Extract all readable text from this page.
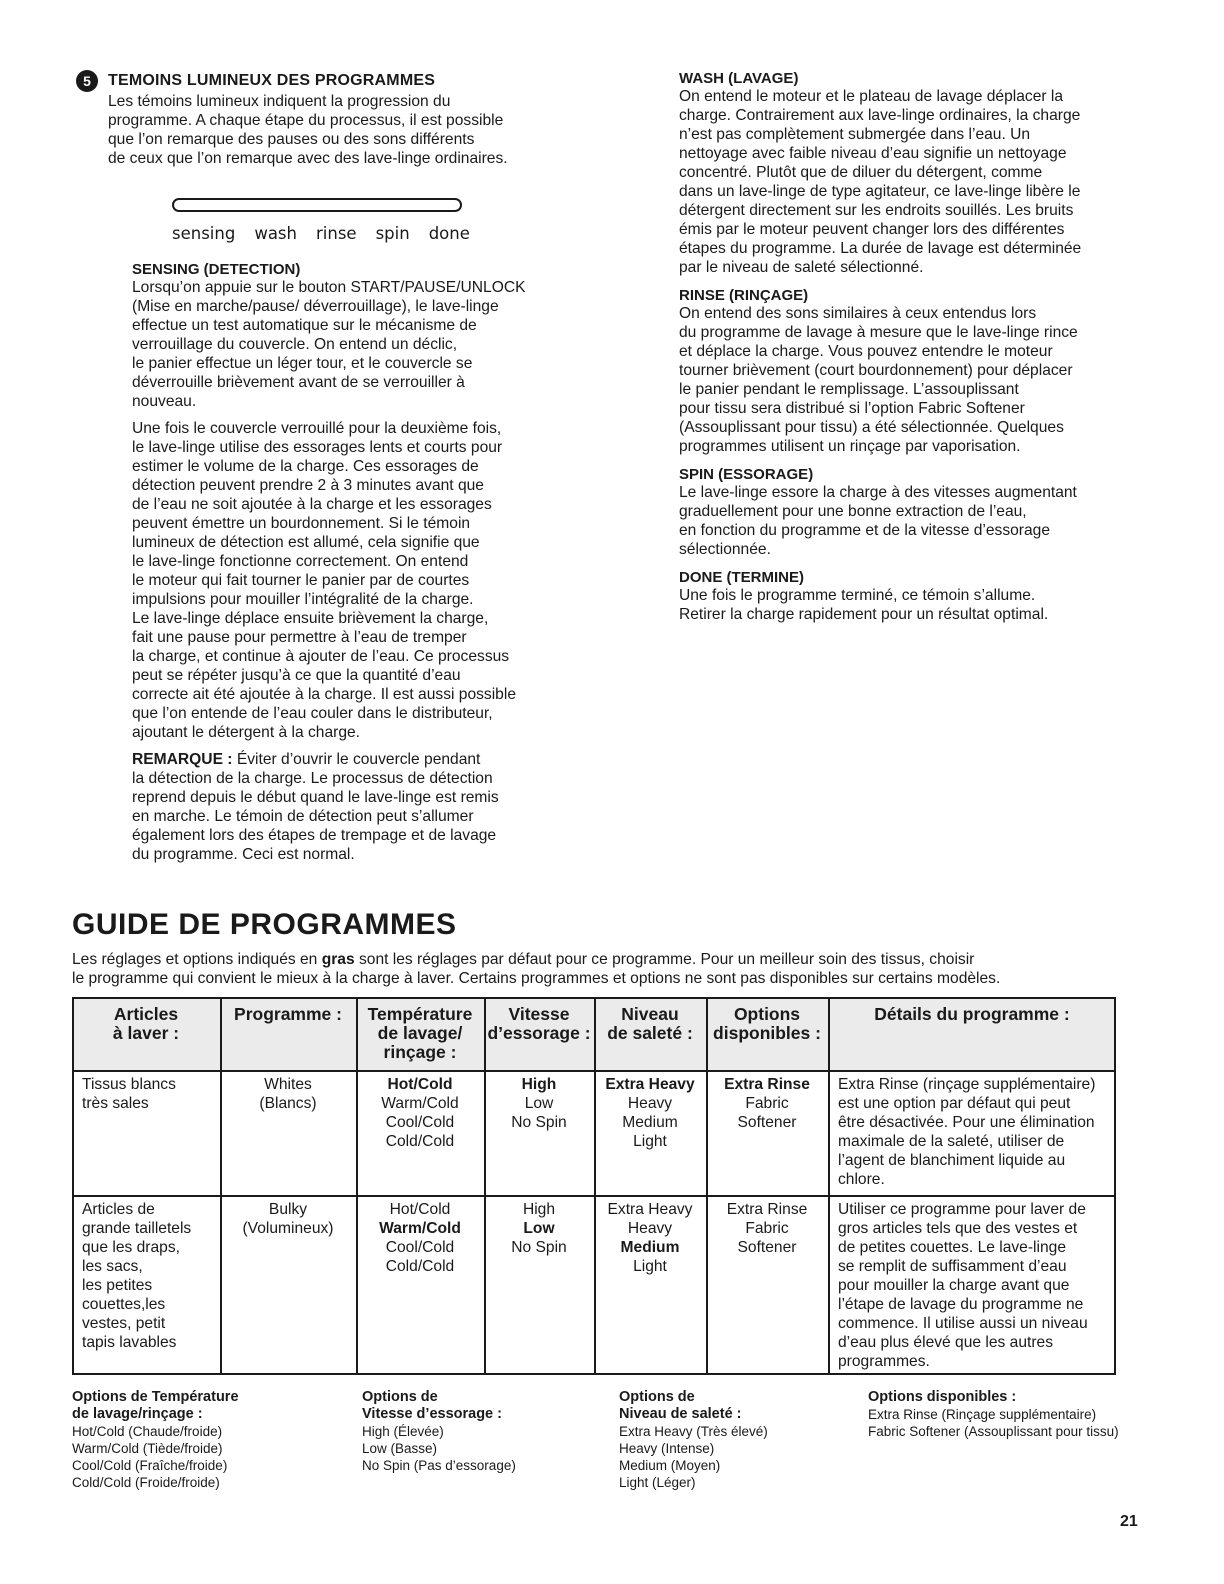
5	TEMOINS LUMINEUX DES PROGRAMMES
Les témoins lumineux indiquent la progression du
programme. A chaque étape du processus, il est possible
que l’on remarque des pauses ou des sons différents
de ceux que l’on remarque avec des lave-linge ordinaires.
sensing wash rinse spin done
SENSING (DETECTION)
Lorsqu’on appuie sur le bouton START/PAUSE/UNLOCK
(Mise en marche/pause/ déverrouillage), le lave-linge
effectue un test automatique sur le mécanisme de
verrouillage du couvercle. On entend un déclic,
le panier effectue un léger tour, et le couvercle se
déverrouille brièvement avant de se verrouiller à
nouveau.
Une fois le couvercle verrouillé pour la deuxième fois,
le lave-linge utilise des essorages lents et courts pour
estimer le volume de la charge. Ces essorages de
détection peuvent prendre 2 à 3 minutes avant que
de l’eau ne soit ajoutée à la charge et les essorages
peuvent émettre un bourdonnement. Si le témoin
lumineux de détection est allumé, cela signifie que
le lave-linge fonctionne correctement. On entend
le moteur qui fait tourner le panier par de courtes
impulsions pour mouiller l’intégralité de la charge.
Le lave-linge déplace ensuite brièvement la charge,
fait une pause pour permettre à l’eau de tremper
la charge, et continue à ajouter de l’eau. Ce processus
peut se répéter jusqu’à ce que la quantité d’eau
correcte ait été ajoutée à la charge. Il est aussi possible
que l’on entende de l’eau couler dans le distributeur,
ajoutant le détergent à la charge.
REMARQUE : Éviter d’ouvrir le couvercle pendant
la détection de la charge. Le processus de détection
reprend depuis le début quand le lave-linge est remis
en marche. Le témoin de détection peut s’allumer
également lors des étapes de trempage et de lavage
du programme. Ceci est normal.
WASH (LAVAGE)
On entend le moteur et le plateau de lavage déplacer la
charge. Contrairement aux lave-linge ordinaires, la charge
n’est pas complètement submergée dans l’eau. Un
nettoyage avec faible niveau d’eau signifie un nettoyage
concentré. Plutôt que de diluer du détergent, comme
dans un lave-linge de type agitateur, ce lave-linge libère le
détergent directement sur les endroits souillés. Les bruits
émis par le moteur peuvent changer lors des différentes
étapes du programme. La durée de lavage est déterminée
par le niveau de saleté sélectionné.
RINSE (RINÇAGE)
On entend des sons similaires à ceux entendus lors
du programme de lavage à mesure que le lave-linge rince
et déplace la charge. Vous pouvez entendre le moteur
tourner brièvement (court bourdonnement) pour déplacer
le panier pendant le remplissage. L’assouplissant
pour tissu sera distribué si l’option Fabric Softener
(Assouplissant pour tissu) a été sélectionnée. Quelques
programmes utilisent un rinçage par vaporisation.
SPIN (ESSORAGE)
Le lave-linge essore la charge à des vitesses augmentant
graduellement pour une bonne extraction de l’eau,
en fonction du programme et de la vitesse d’essorage
sélectionnée.
DONE (TERMINE)
Une fois le programme terminé, ce témoin s’allume.
Retirer la charge rapidement pour un résultat optimal.
GUIDE DE PROGRAMMES
Les réglages et options indiqués en gras sont les réglages par défaut pour ce programme. Pour un meilleur soin des tissus, choisir
le programme qui convient le mieux à la charge à laver. Certains programmes et options ne sont pas disponibles sur certains modèles.
Articles
à laver :
Programme :	Température
de lavage/
rinçage :
Vitesse
d’essorage :
Niveau
de saleté :
Options
disponibles :
Détails du programme :
Tissus blancs
très sales
Whites
(Blancs)
Hot/Cold
Warm/Cold
Cool/Cold
Cold/Cold
High
Low
No Spin
Extra Heavy
Heavy
Medium
Light
Extra Rinse
Fabric
Softener
Extra Rinse (rinçage supplémentaire)
est une option par défaut qui peut
être désactivée. Pour une élimination
maximale de la saleté, utiliser de
l’agent de blanchiment liquide au
chlore.
Articles de
grande tailletels
que les draps,
les sacs,
les petites
couettes,les
vestes, petit
tapis lavables
Bulky
(Volumineux)
Hot/Cold
Warm/Cold
Cool/Cold
Cold/Cold
High
Low
No Spin
Extra Heavy
Heavy
Medium
Light
Extra Rinse
Fabric
Softener
Utiliser ce programme pour laver de
gros articles tels que des vestes et
de petites couettes. Le lave-linge
se remplit de suffisamment d’eau
pour mouiller la charge avant que
l’étape de lavage du programme ne
commence. Il utilise aussi un niveau
d’eau plus élevé que les autres
programmes.
Options de Température
de lavage/rinçage :
Hot/Cold (Chaude/froide)
Warm/Cold (Tiède/froide)
Cool/Cold (Fraîche/froide)
Cold/Cold (Froide/froide)
Options de
Vitesse d’essorage :
High (Élevée)
Low (Basse)
No Spin (Pas d’essorage)
Options de
Niveau de saleté :
Extra Heavy (Très élevé)
Heavy (Intense)
Medium (Moyen)
Light (Léger)
Options disponibles :
Extra Rinse (Rinçage supplémentaire)
Fabric Softener (Assouplissant pour tissu)
21
